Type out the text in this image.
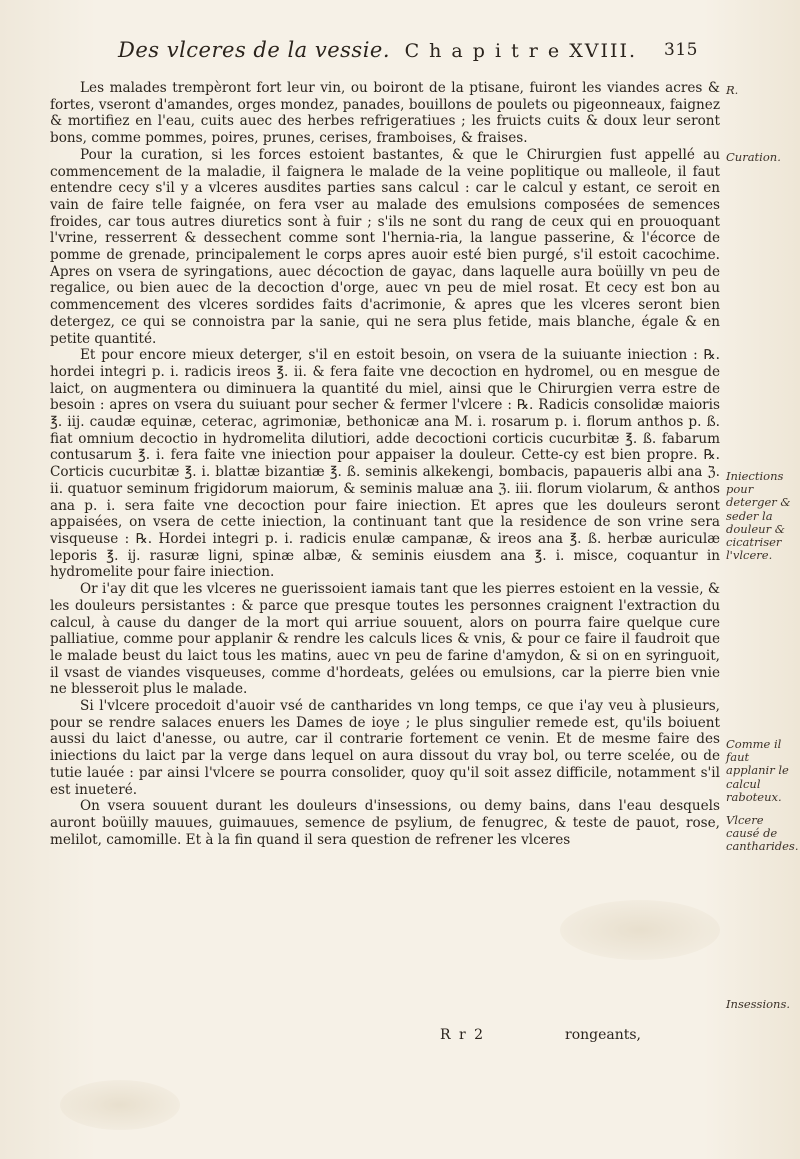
Des vlceres de la vessie. C h a p i t r e XVIII. 315

Les malades trempèront fort leur vin, ou boiront de la ptisane, fuiront les viandes acres & fortes, vseront d'amandes, orges mondez, panades, bouillons de poulets ou pigeonneaux, faignez & mortifiez en l'eau, cuits auec des herbes refrigeratiues ; les fruicts cuits & doux leur seront bons, comme pommes, poires, prunes, cerises, framboises, & fraises.

Pour la curation, si les forces estoient bastantes, & que le Chirurgien fust appellé au commencement de la maladie, il faignera le malade de la veine poplitique ou malleole, il faut entendre cecy s'il y a vlceres ausdites parties sans calcul : car le calcul y estant, ce seroit en vain de faire telle faignée, on fera vser au malade des emulsions composées de semences froides, car tous autres diuretics sont à fuir ; s'ils ne sont du rang de ceux qui en prouoquant l'vrine, resserrent & dessechent comme sont l'hernia-ria, la langue passerine, & l'écorce de pomme de grenade, principalement le corps apres auoir esté bien purgé, s'il estoit cacochime. Apres on vsera de syringations, auec décoction de gayac, dans laquelle aura boüilly vn peu de regalice, ou bien auec de la decoction d'orge, auec vn peu de miel rosat. Et cecy est bon au commencement des vlceres sordides faits d'acrimonie, & apres que les vlceres seront bien detergez, ce qui se connoistra par la sanie, qui ne sera plus fetide, mais blanche, égale & en petite quantité.

Et pour encore mieux deterger, s'il en estoit besoin, on vsera de la suiuante iniection : ℞. hordei integri p. i. radicis ireos ℥. ii. & fera faite vne decoction en hydromel, ou en mesgue de laict, on augmentera ou diminuera la quantité du miel, ainsi que le Chirurgien verra estre de besoin : apres on vsera du suiuant pour secher & fermer l'vlcere : ℞. Radicis consolidæ maioris ℥. iij. caudæ equinæ, ceterac, agrimoniæ, bethonicæ ana M. i. rosarum p. i. florum anthos p. ß. fiat omnium decoctio in hydromelita dilutiori, adde decoctioni corticis cucurbitæ ℥. ß. fabarum contusarum ℥. i. fera faite vne iniection pour appaiser la douleur. Cette-cy est bien propre. ℞. Corticis cucurbitæ ℥. i. blattæ bizantiæ ℥. ß. seminis alkekengi, bombacis, papaueris albi ana ℨ. ii. quatuor seminum frigidorum maiorum, & seminis maluæ ana ℨ. iii. florum violarum, & anthos ana p. i. sera faite vne decoction pour faire iniection. Et apres que les douleurs seront appaisées, on vsera de cette iniection, la continuant tant que la residence de son vrine sera visqueuse : ℞. Hordei integri p. i. radicis enulæ campanæ, & ireos ana ℥. ß. herbæ auriculæ leporis ℥. ij. rasuræ ligni, spinæ albæ, & seminis eiusdem ana ℥. i. misce, coquantur in hydromelite pour faire iniection.

Or i'ay dit que les vlceres ne guerissoient iamais tant que les pierres estoient en la vessie, & les douleurs persistantes : & parce que presque toutes les personnes craignent l'extraction du calcul, à cause du danger de la mort qui arriue souuent, alors on pourra faire quelque cure palliatiue, comme pour applanir & rendre les calculs lices & vnis, & pour ce faire il faudroit que le malade beust du laict tous les matins, auec vn peu de farine d'amydon, & si on en syringuoit, il vsast de viandes visqueuses, comme d'hordeats, gelées ou emulsions, car la pierre bien vnie ne blesseroit plus le malade.

Si l'vlcere procedoit d'auoir vsé de cantharides vn long temps, ce que i'ay veu à plusieurs, pour se rendre salaces enuers les Dames de ioye ; le plus singulier remede est, qu'ils boiuent aussi du laict d'anesse, ou autre, car il contrarie fortement ce venin. Et de mesme faire des iniections du laict par la verge dans lequel on aura dissout du vray bol, ou terre scelée, ou de tutie lauée : par ainsi l'vlcere se pourra consolider, quoy qu'il soit assez difficile, notamment s'il est inueteré.

On vsera souuent durant les douleurs d'insessions, ou demy bains, dans l'eau desquels auront boüilly mauues, guimauues, semence de psylium, de fenugrec, & teste de pauot, rose, melilot, camomille. Et à la fin quand il sera question de refrener les vlceres

R.
Curation.
Iniections pour deterger & seder la douleur & cicatriser l'vlcere.
Comme il faut applanir le calcul raboteux.
Vlcere causé de cantharides.
Insessions.
R r 2	rongeants,
